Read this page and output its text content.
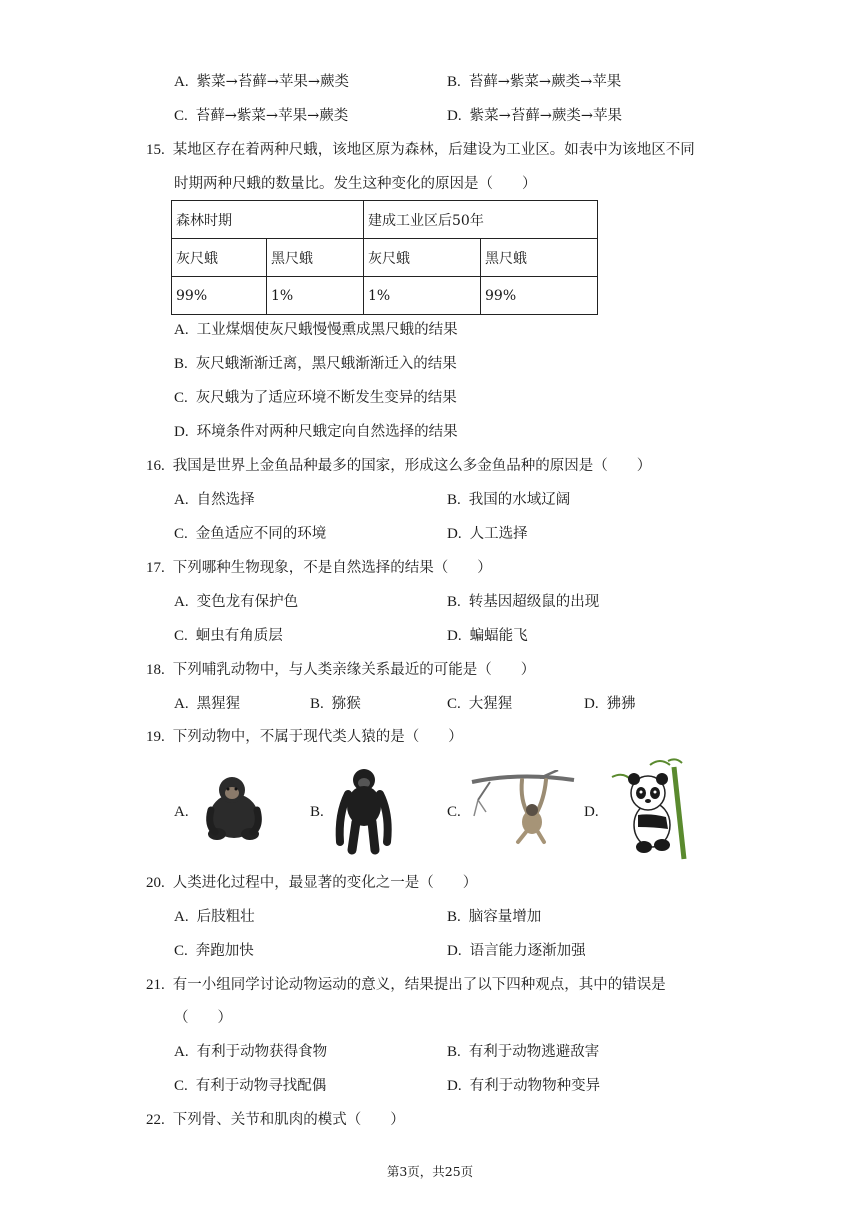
A. 紫菜→苔藓→苹果→蕨类	B. 苔藓→紫菜→蕨类→苹果
C. 苔藓→紫菜→苹果→蕨类	D. 紫菜→苔藓→蕨类→苹果
15. 某地区存在着两种尺蛾，该地区原为森林，后建设为工业区。如表中为该地区不同
时期两种尺蛾的数量比。发生这种变化的原因是（　　）
森林时期		建成工业区后50年	
灰尺蛾	黑尺蛾	灰尺蛾	黑尺蛾
99%	1%	1%	99%
A. 工业煤烟使灰尺蛾慢慢熏成黑尺蛾的结果
B. 灰尺蛾渐渐迁离，黑尺蛾渐渐迁入的结果
C. 灰尺蛾为了适应环境不断发生变异的结果
D. 环境条件对两种尺蛾定向自然选择的结果
16. 我国是世界上金鱼品种最多的国家，形成这么多金鱼品种的原因是（　　）
A. 自然选择	B. 我国的水域辽阔
C. 金鱼适应不同的环境	D. 人工选择
17. 下列哪种生物现象，不是自然选择的结果（　　）
A. 变色龙有保护色	B. 转基因超级鼠的出现
C. 蛔虫有角质层	D. 蝙蝠能飞
18. 下列哺乳动物中，与人类亲缘关系最近的可能是（　　）
A. 黑猩猩	B. 猕猴	C. 大猩猩	D. 狒狒
19. 下列动物中，不属于现代类人猿的是（　　）
A.	B.	C.	D.
20. 人类进化过程中，最显著的变化之一是（　　）
A. 后肢粗壮	B. 脑容量增加
C. 奔跑加快	D. 语言能力逐渐加强
21. 有一小组同学讨论动物运动的意义，结果提出了以下四种观点，其中的错误是
（　　）
A. 有利于动物获得食物	B. 有利于动物逃避敌害
C. 有利于动物寻找配偶	D. 有利于动物物种变异
22. 下列骨、关节和肌肉的模式（　　）
第3页，共25页
